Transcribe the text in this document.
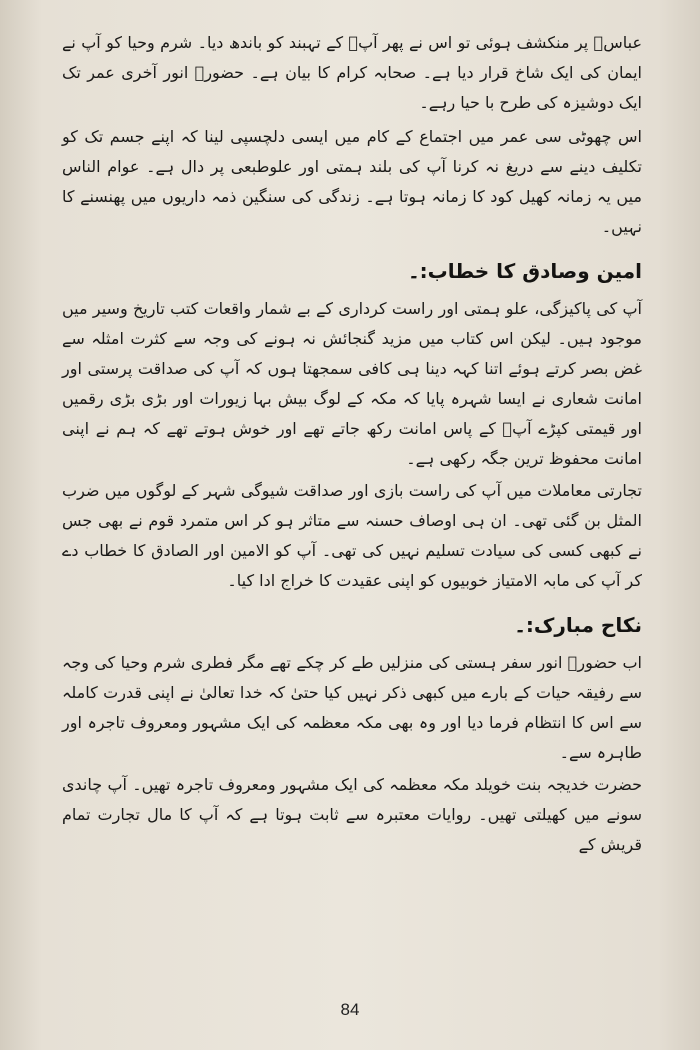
عباسؓ پر منکشف ہوئی تو اس نے پھر آپؐ کے تہبند کو باندھ دیا۔ شرم وحیا کو آپ نے ایمان کی ایک شاخ قرار دیا ہے۔ صحابہ کرام کا بیان ہے۔ حضورؐ انور آخری عمر تک ایک دوشیزہ کی طرح با حیا رہے۔

اس چھوٹی سی عمر میں اجتماع کے کام میں ایسی دلچسپی لینا کہ اپنے جسم تک کو تکلیف دینے سے دریغ نہ کرنا آپ کی بلند ہمتی اور علوطبعی پر دال ہے۔ عوام الناس میں یہ زمانہ کھیل کود کا زمانہ ہوتا ہے۔ زندگی کی سنگین ذمہ داریوں میں پھنسنے کا نہیں۔

امین وصادق کا خطاب:۔

آپ کی پاکیزگی، علو ہمتی اور راست کرداری کے بے شمار واقعات کتب تاریخ وسیر میں موجود ہیں۔ لیکن اس کتاب میں مزید گنجائش نہ ہونے کی وجہ سے کثرت امثلہ سے غض بصر کرتے ہوئے اتنا کہہ دینا ہی کافی سمجھتا ہوں کہ آپ کی صداقت پرستی اور امانت شعاری نے ایسا شہرہ پایا کہ مکہ کے لوگ بیش بہا زیورات اور بڑی بڑی رقمیں اور قیمتی کپڑے آپؐ کے پاس امانت رکھ جاتے تھے اور خوش ہوتے تھے کہ ہم نے اپنی امانت محفوظ ترین جگہ رکھی ہے۔

تجارتی معاملات میں آپ کی راست بازی اور صداقت شیوگی شہر کے لوگوں میں ضرب المثل بن گئی تھی۔ ان ہی اوصاف حسنہ سے متاثر ہو کر اس متمرد قوم نے بھی جس نے کبھی کسی کی سیادت تسلیم نہیں کی تھی۔ آپ کو الامین اور الصادق کا خطاب دے کر آپ کی مابہ الامتیاز خوبیوں کو اپنی عقیدت کا خراج ادا کیا۔

نکاح مبارک:۔

اب حضورؐ انور سفر ہستی کی منزلیں طے کر چکے تھے مگر فطری شرم وحیا کی وجہ سے رفیقہ حیات کے بارے میں کبھی ذکر نہیں کیا حتیٰ کہ خدا تعالیٰ نے اپنی قدرت کاملہ سے اس کا انتظام فرما دیا اور وہ بھی مکہ معظمہ کی ایک مشہور ومعروف تاجرہ اور طاہرہ سے۔

حضرت خدیجہ بنت خویلد مکہ معظمہ کی ایک مشہور ومعروف تاجرہ تھیں۔ آپ چاندی سونے میں کھیلتی تھیں۔ روایات معتبرہ سے ثابت ہوتا ہے کہ آپ کا مال تجارت تمام قریش کے

84
